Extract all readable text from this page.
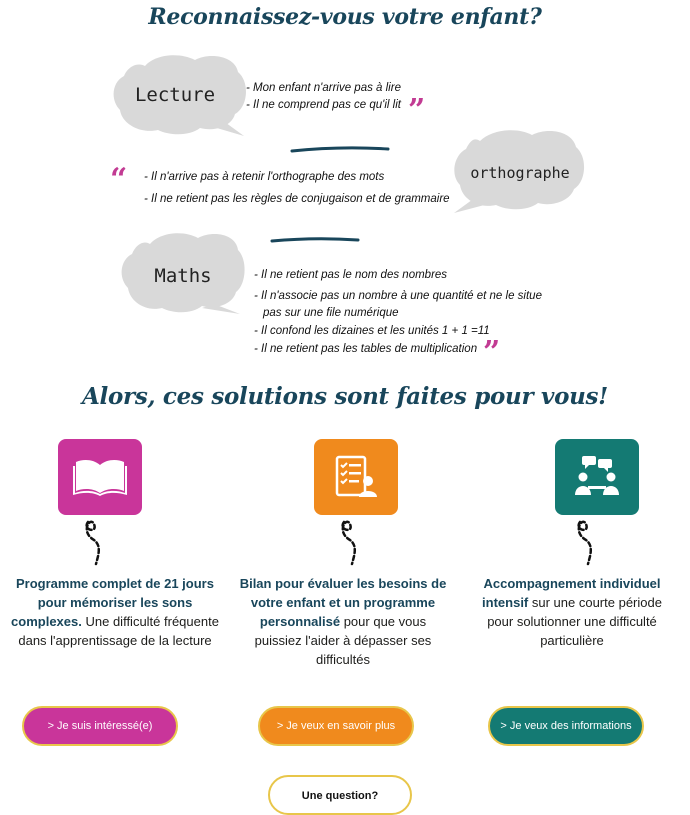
Reconnaissez-vous votre enfant?
Lecture	- Mon enfant n'arrive pas à lire
- Il ne comprend pas ce qu'il lit ”
“ - Il n'arrive pas à retenir l'orthographe des mots
- Il ne retient pas les règles de conjugaison et de grammaire
orthographe
Maths	- Il ne retient pas le nom des nombres
- Il n'associe pas un nombre à une quantité et ne le situe
pas sur une file numérique
- Il confond les dizaines et les unités 1 + 1 =11
- Il ne retient pas les tables de multiplication ”
Alors, ces solutions sont faites pour vous!
Programme complet de 21 jours pour mémoriser les sons complexes. Une difficulté fréquente dans l'apprentissage de la lecture
> Je suis intéressé(e)
Bilan pour évaluer les besoins de votre enfant et un programme personnalisé pour que vous puissiez l'aider à dépasser ses difficultés
> Je veux en savoir plus
Accompagnement individuel intensif sur une courte période pour solutionner une difficulté particulière
> Je veux des informations
Une question?
